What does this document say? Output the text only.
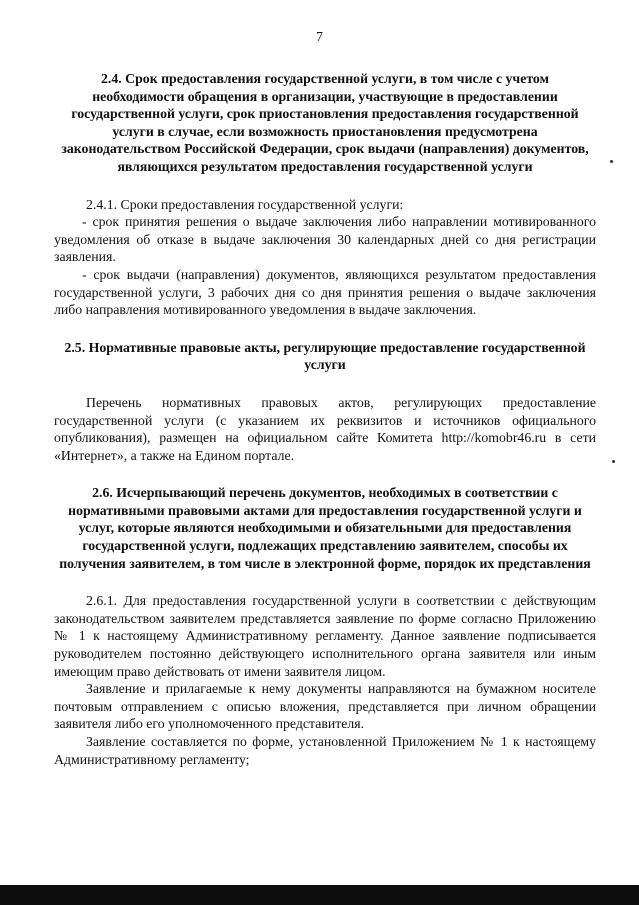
7
2.4. Срок предоставления государственной услуги, в том числе с учетом необходимости обращения в организации, участвующие в предоставлении государственной услуги, срок приостановления предоставления государственной услуги в случае, если возможность приостановления предусмотрена законодательством Российской Федерации, срок выдачи (направления) документов, являющихся результатом предоставления государственной услуги

2.4.1. Сроки предоставления государственной услуги:

- срок принятия решения о выдаче заключения либо направлении мотивированного уведомления об отказе в выдаче заключения 30 календарных дней со дня регистрации заявления.

- срок выдачи (направления) документов, являющихся результатом предоставления государственной услуги, 3 рабочих дня со дня принятия решения о выдаче заключения либо направления мотивированного уведомления в выдаче заключения.

2.5. Нормативные правовые акты, регулирующие предоставление государственной услуги

Перечень нормативных правовых актов, регулирующих предоставление государственной услуги (с указанием их реквизитов и источников официального опубликования), размещен на официальном сайте Комитета http://komobr46.ru в сети «Интернет», а также на Едином портале.

2.6. Исчерпывающий перечень документов, необходимых в соответствии с нормативными правовыми актами для предоставления государственной услуги и услуг, которые являются необходимыми и обязательными для предоставления государственной услуги, подлежащих представлению заявителем, способы их получения заявителем, в том числе в электронной форме, порядок их представления

2.6.1. Для предоставления государственной услуги в соответствии с действующим законодательством заявителем представляется заявление по форме согласно Приложению № 1 к настоящему Административному регламенту. Данное заявление подписывается руководителем постоянно действующего исполнительного органа заявителя или иным имеющим право действовать от имени заявителя лицом.

Заявление и прилагаемые к нему документы направляются на бумажном носителе почтовым отправлением с описью вложения, представляется при личном обращении заявителя либо его уполномоченного представителя.

Заявление составляется по форме, установленной Приложением № 1 к настоящему Административному регламенту;
